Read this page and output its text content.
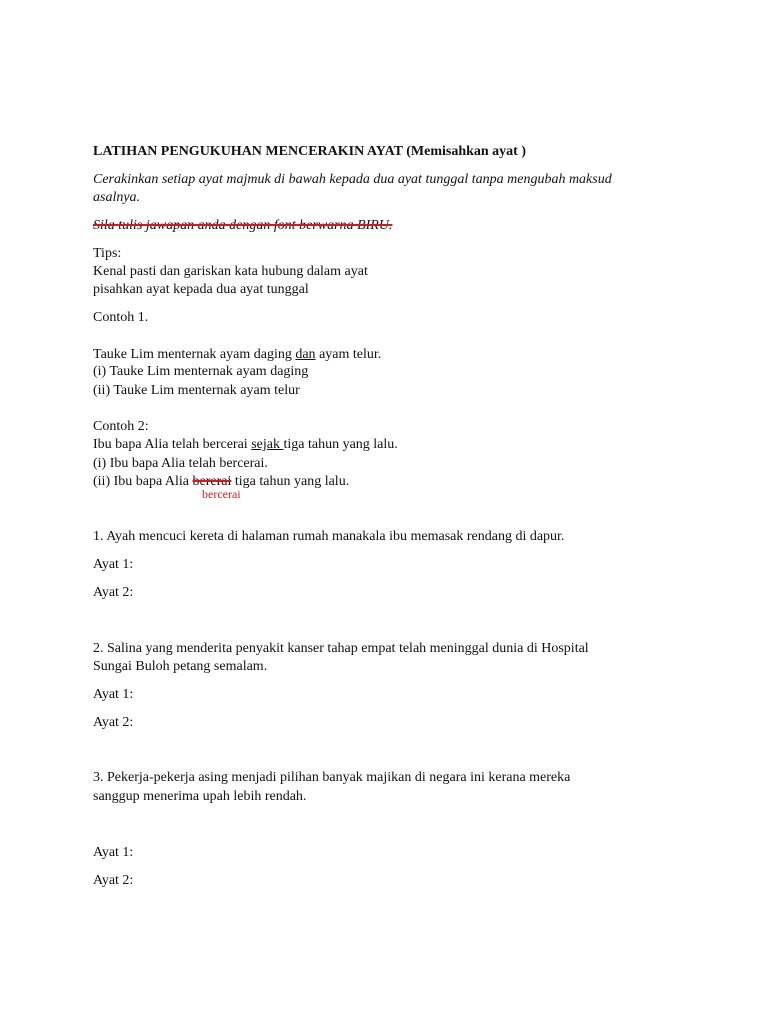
LATIHAN PENGUKUHAN MENCERAKIN AYAT (Memisahkan ayat )
Cerakinkan setiap ayat majmuk di bawah kepada dua ayat tunggal tanpa mengubah maksud
asalnya.
Sila tulis jawapan anda dengan font berwarna BIRU.
Tips:
Kenal pasti dan gariskan kata hubung dalam ayat
pisahkan ayat kepada dua ayat tunggal
Contoh 1.
Tauke Lim menternak ayam daging dan ayam telur.
(i) Tauke Lim menternak ayam daging
(ii) Tauke Lim menternak ayam telur
Contoh 2:
Ibu bapa Alia telah bercerai sejak tiga tahun yang lalu.
(i) Ibu bapa Alia telah bercerai.
(ii) Ibu bapa Alia bererai tiga tahun yang lalu.
bercerai
1. Ayah mencuci kereta di halaman rumah manakala ibu memasak rendang di dapur.
Ayat 1:
Ayat 2:
2. Salina yang menderita penyakit kanser tahap empat telah meninggal dunia di Hospital
Sungai Buloh petang semalam.
Ayat 1:
Ayat 2:
3. Pekerja-pekerja asing menjadi pilihan banyak majikan di negara ini kerana mereka
sanggup menerima upah lebih rendah.
Ayat 1:
Ayat 2:
